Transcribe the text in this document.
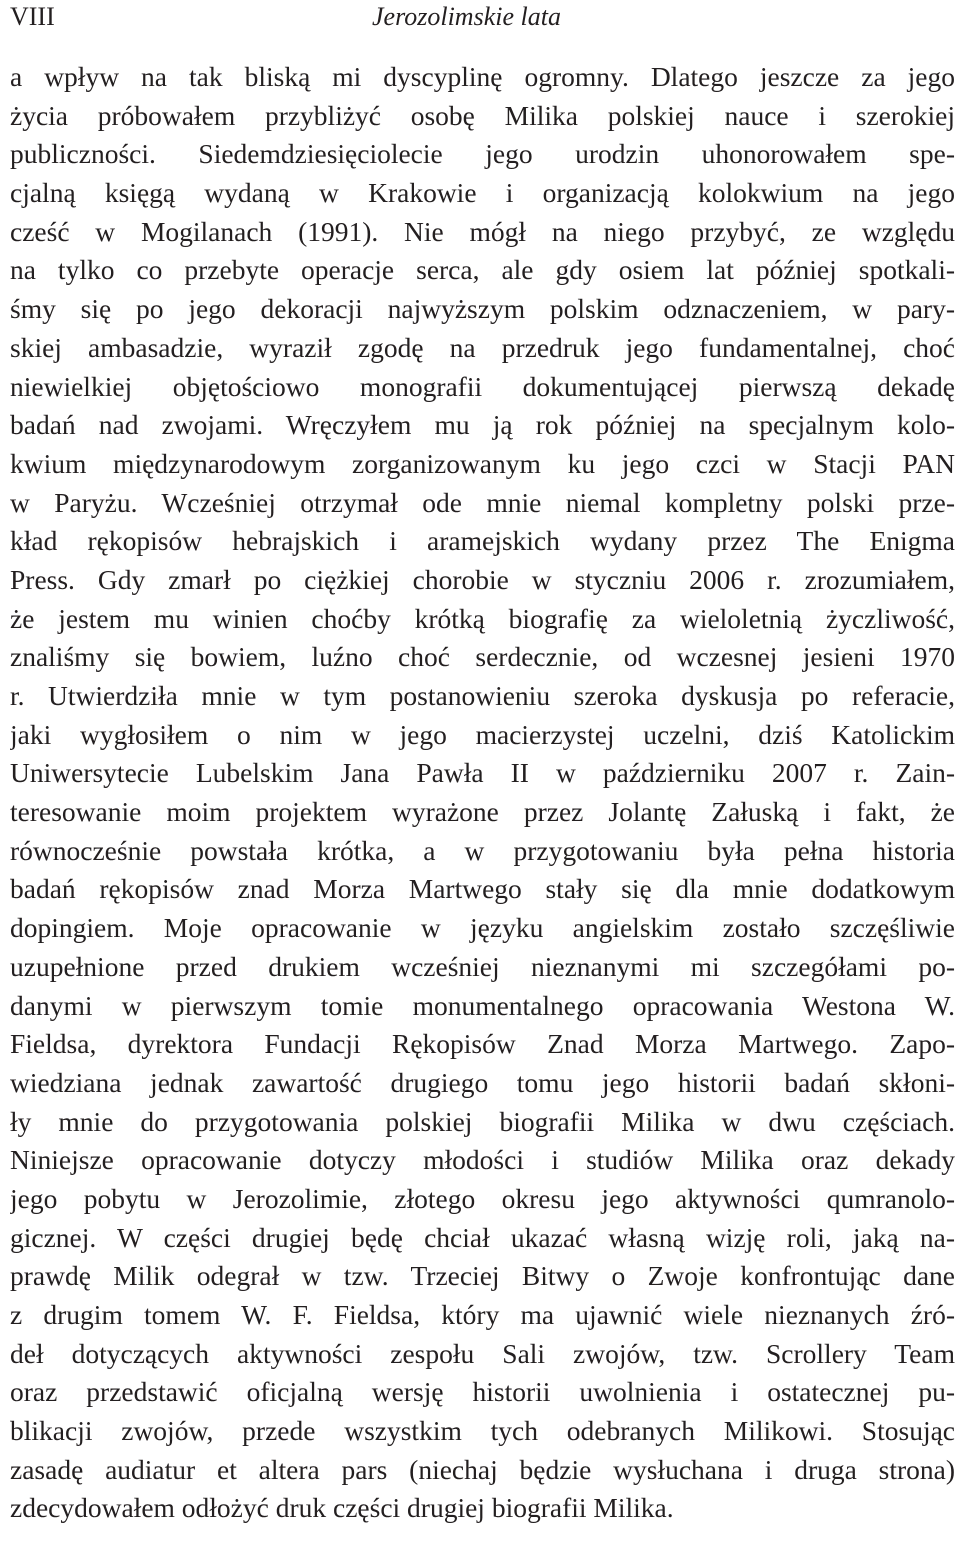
VIII	Jerozolimskie lata
a wpływ na tak bliską mi dyscyplinę ogromny. Dlatego jeszcze za jego
życia próbowałem przybliżyć osobę Milika polskiej nauce i szerokiej
publiczności. Siedemdziesięciolecie jego urodzin uhonorowałem spe-
cjalną księgą wydaną w Krakowie i organizacją kolokwium na jego
cześć w Mogilanach (1991). Nie mógł na niego przybyć, ze względu
na tylko co przebyte operacje serca, ale gdy osiem lat później spotkali-
śmy się po jego dekoracji najwyższym polskim odznaczeniem, w pary-
skiej ambasadzie, wyraził zgodę na przedruk jego fundamentalnej, choć
niewielkiej objętościowo monografii dokumentującej pierwszą dekadę
badań nad zwojami. Wręczyłem mu ją rok później na specjalnym kolo-
kwium międzynarodowym zorganizowanym ku jego czci w Stacji PAN
w Paryżu. Wcześniej otrzymał ode mnie niemal kompletny polski prze-
kład rękopisów hebrajskich i aramejskich wydany przez The Enigma
Press. Gdy zmarł po ciężkiej chorobie w styczniu 2006 r. zrozumiałem,
że jestem mu winien choćby krótką biografię za wieloletnią życzliwość,
znaliśmy się bowiem, luźno choć serdecznie, od wczesnej jesieni 1970
r. Utwierdziła mnie w tym postanowieniu szeroka dyskusja po referacie,
jaki wygłosiłem o nim w jego macierzystej uczelni, dziś Katolickim
Uniwersytecie Lubelskim Jana Pawła II w październiku 2007 r. Zain-
teresowanie moim projektem wyrażone przez Jolantę Załuską i fakt, że
równocześnie powstała krótka, a w przygotowaniu była pełna historia
badań rękopisów znad Morza Martwego stały się dla mnie dodatkowym
dopingiem. Moje opracowanie w języku angielskim zostało szczęśliwie
uzupełnione przed drukiem wcześniej nieznanymi mi szczegółami po-
danymi w pierwszym tomie monumentalnego opracowania Westona W.
Fieldsa, dyrektora Fundacji Rękopisów Znad Morza Martwego. Zapo-
wiedziana jednak zawartość drugiego tomu jego historii badań skłoni-
ły mnie do przygotowania polskiej biografii Milika w dwu częściach.
Niniejsze opracowanie dotyczy młodości i studiów Milika oraz dekady
jego pobytu w Jerozolimie, złotego okresu jego aktywności qumranolo-
gicznej. W części drugiej będę chciał ukazać własną wizję roli, jaką na-
prawdę Milik odegrał w tzw. Trzeciej Bitwy o Zwoje konfrontując dane
z drugim tomem W. F. Fieldsa, który ma ujawnić wiele nieznanych źró-
deł dotyczących aktywności zespołu Sali zwojów, tzw. Scrollery Team
oraz przedstawić oficjalną wersję historii uwolnienia i ostatecznej pu-
blikacji zwojów, przede wszystkim tych odebranych Milikowi. Stosując
zasadę audiatur et altera pars (niechaj będzie wysłuchana i druga strona)
zdecydowałem odłożyć druk części drugiej biografii Milika.
